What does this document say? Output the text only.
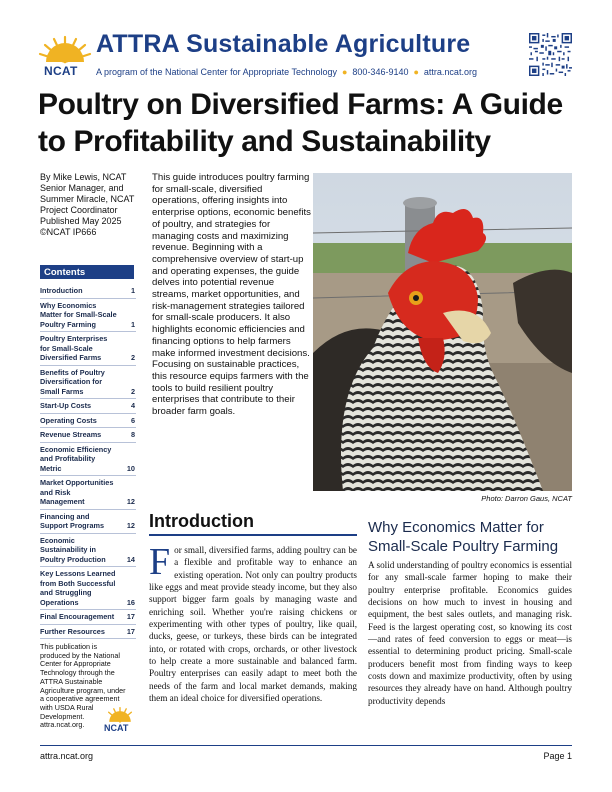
NCAT
ATTRA Sustainable Agriculture
A program of the National Center for Appropriate Technology ● 800-346-9140 ● attra.ncat.org
Poultry on Diversified Farms: A Guide to Profitability and Sustainability
By Mike Lewis, NCAT Senior Manager, and Summer Miracle, NCAT Project Coordinator Published May 2025 ©NCAT IP666
Contents
Introduction	1
Why Economics
Matter for Small-Scale
Poultry Farming	1
Poultry Enterprises
for Small-Scale
Diversified Farms	2
Benefits of Poultry
Diversification for
Small Farms	2
Start-Up Costs	4
Operating Costs	6
Revenue Streams	8
Economic Efficiency
and Profitability
Metric	10
Market Opportunities
and Risk
Management	12
Financing and
Support Programs	12
Economic
Sustainability in
Poultry Production	14
Key Lessons Learned
from Both Successful
and Struggling
Operations	16
Final Encouragement 17
Further Resources	17
This publication is produced by the National Center for Appropriate Technology through the ATTRA Sustainable Agriculture program, under a cooperative agreement with USDA Rural Development. attra.ncat.org.	NCAT

This guide introduces poultry farming for small-scale, diversified operations, offering insights into enterprise options, economic benefits of poultry, and strategies for managing costs and maximizing revenue. Beginning with a comprehensive overview of start-up and operating expenses, the guide delves into potential revenue streams, market opportunities, and risk-management strategies tailored for small-scale producers. It also highlights economic efficiencies and financing options to help farmers make informed investment decisions. Focusing on sustainable practices, this resource equips farmers with the tools to build resilient poultry enterprises that contribute to their broader farm goals.

Photo: Darron Gaus, NCAT
Introduction
For small, diversified farms, adding poultry can be a flexible and profitable way to enhance an existing operation. Not only can poultry products like eggs and meat provide steady income, but they also support bigger farm goals by managing waste and enriching soil. Whether you're raising chickens or experimenting with other types of poultry, like quail, ducks, geese, or turkeys, these birds can be integrated into, or rotated with crops, orchards, or other livestock to help create a more sustainable and balanced farm. Poultry enterprises can easily adapt to meet both the needs of the farm and local market demands, making them an ideal choice for diversified operations.
Why Economics Matter for Small-Scale Poultry Farming

A solid understanding of poultry economics is essential for any small-scale farmer hoping to make their poultry enterprise profitable. Economics guides decisions on how much to invest in housing and equipment, the best sales outlets, and managing risk. Feed is the largest operating cost, so knowing its cost—and rates of feed conversion to eggs or meat—is essential to determining product pricing. Small-scale producers benefit most from finding ways to keep costs down and maximize productivity, often by using resources they already have on hand. Although poultry productivity depends

attra.ncat.org	Page 1
